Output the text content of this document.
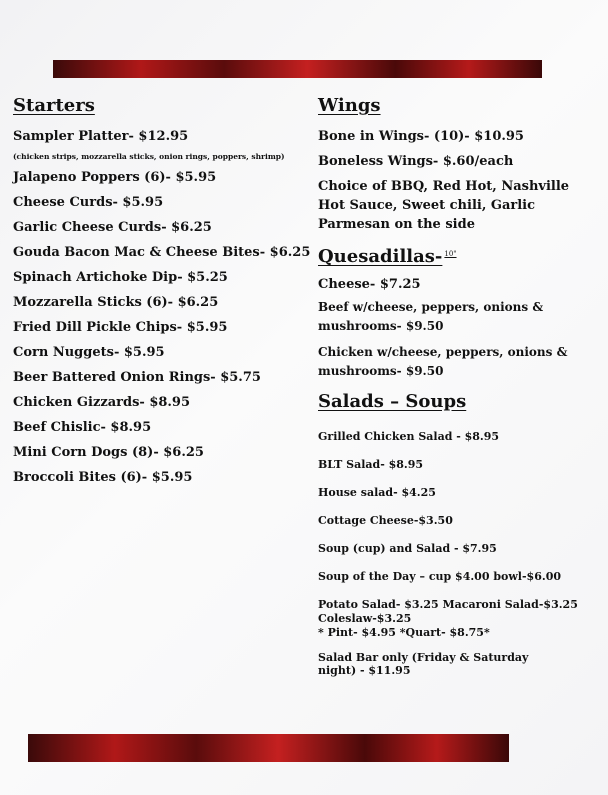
Starters

Sampler Platter- $12.95

(chicken strips, mozzarella sticks, onion rings, poppers, shrimp)

Jalapeno Poppers (6)- $5.95

Cheese Curds- $5.95

Garlic Cheese Curds- $6.25

Gouda Bacon Mac & Cheese Bites- $6.25

Spinach Artichoke Dip- $5.25

Mozzarella Sticks (6)- $6.25

Fried Dill Pickle Chips- $5.95

Corn Nuggets- $5.95

Beer Battered Onion Rings- $5.75

Chicken Gizzards- $8.95

Beef Chislic- $8.95

Mini Corn Dogs (8)- $6.25

Broccoli Bites (6)- $5.95

Wings

Bone in Wings- (10)- $10.95

Boneless Wings- $.60/each

Choice of BBQ, Red Hot, Nashville Hot Sauce, Sweet chili, Garlic Parmesan on the side

Quesadillas- $^{10"}$

Cheese- $7.25

Beef w/cheese, peppers, onions & mushrooms- $9.50

Chicken w/cheese, peppers, onions & mushrooms- $9.50

Salads – Soups

Grilled Chicken Salad - $8.95

BLT Salad- $8.95

House salad- $4.25

Cottage Cheese-$3.50

Soup (cup) and Salad - $7.95

Soup of the Day – cup $4.00 bowl-$6.00

Potato Salad- $3.25 Macaroni Salad-$3.25

Coleslaw-$3.25

* Pint- $4.95 *Quart- $8.75*

Salad Bar only (Friday & Saturday night) - $11.95
